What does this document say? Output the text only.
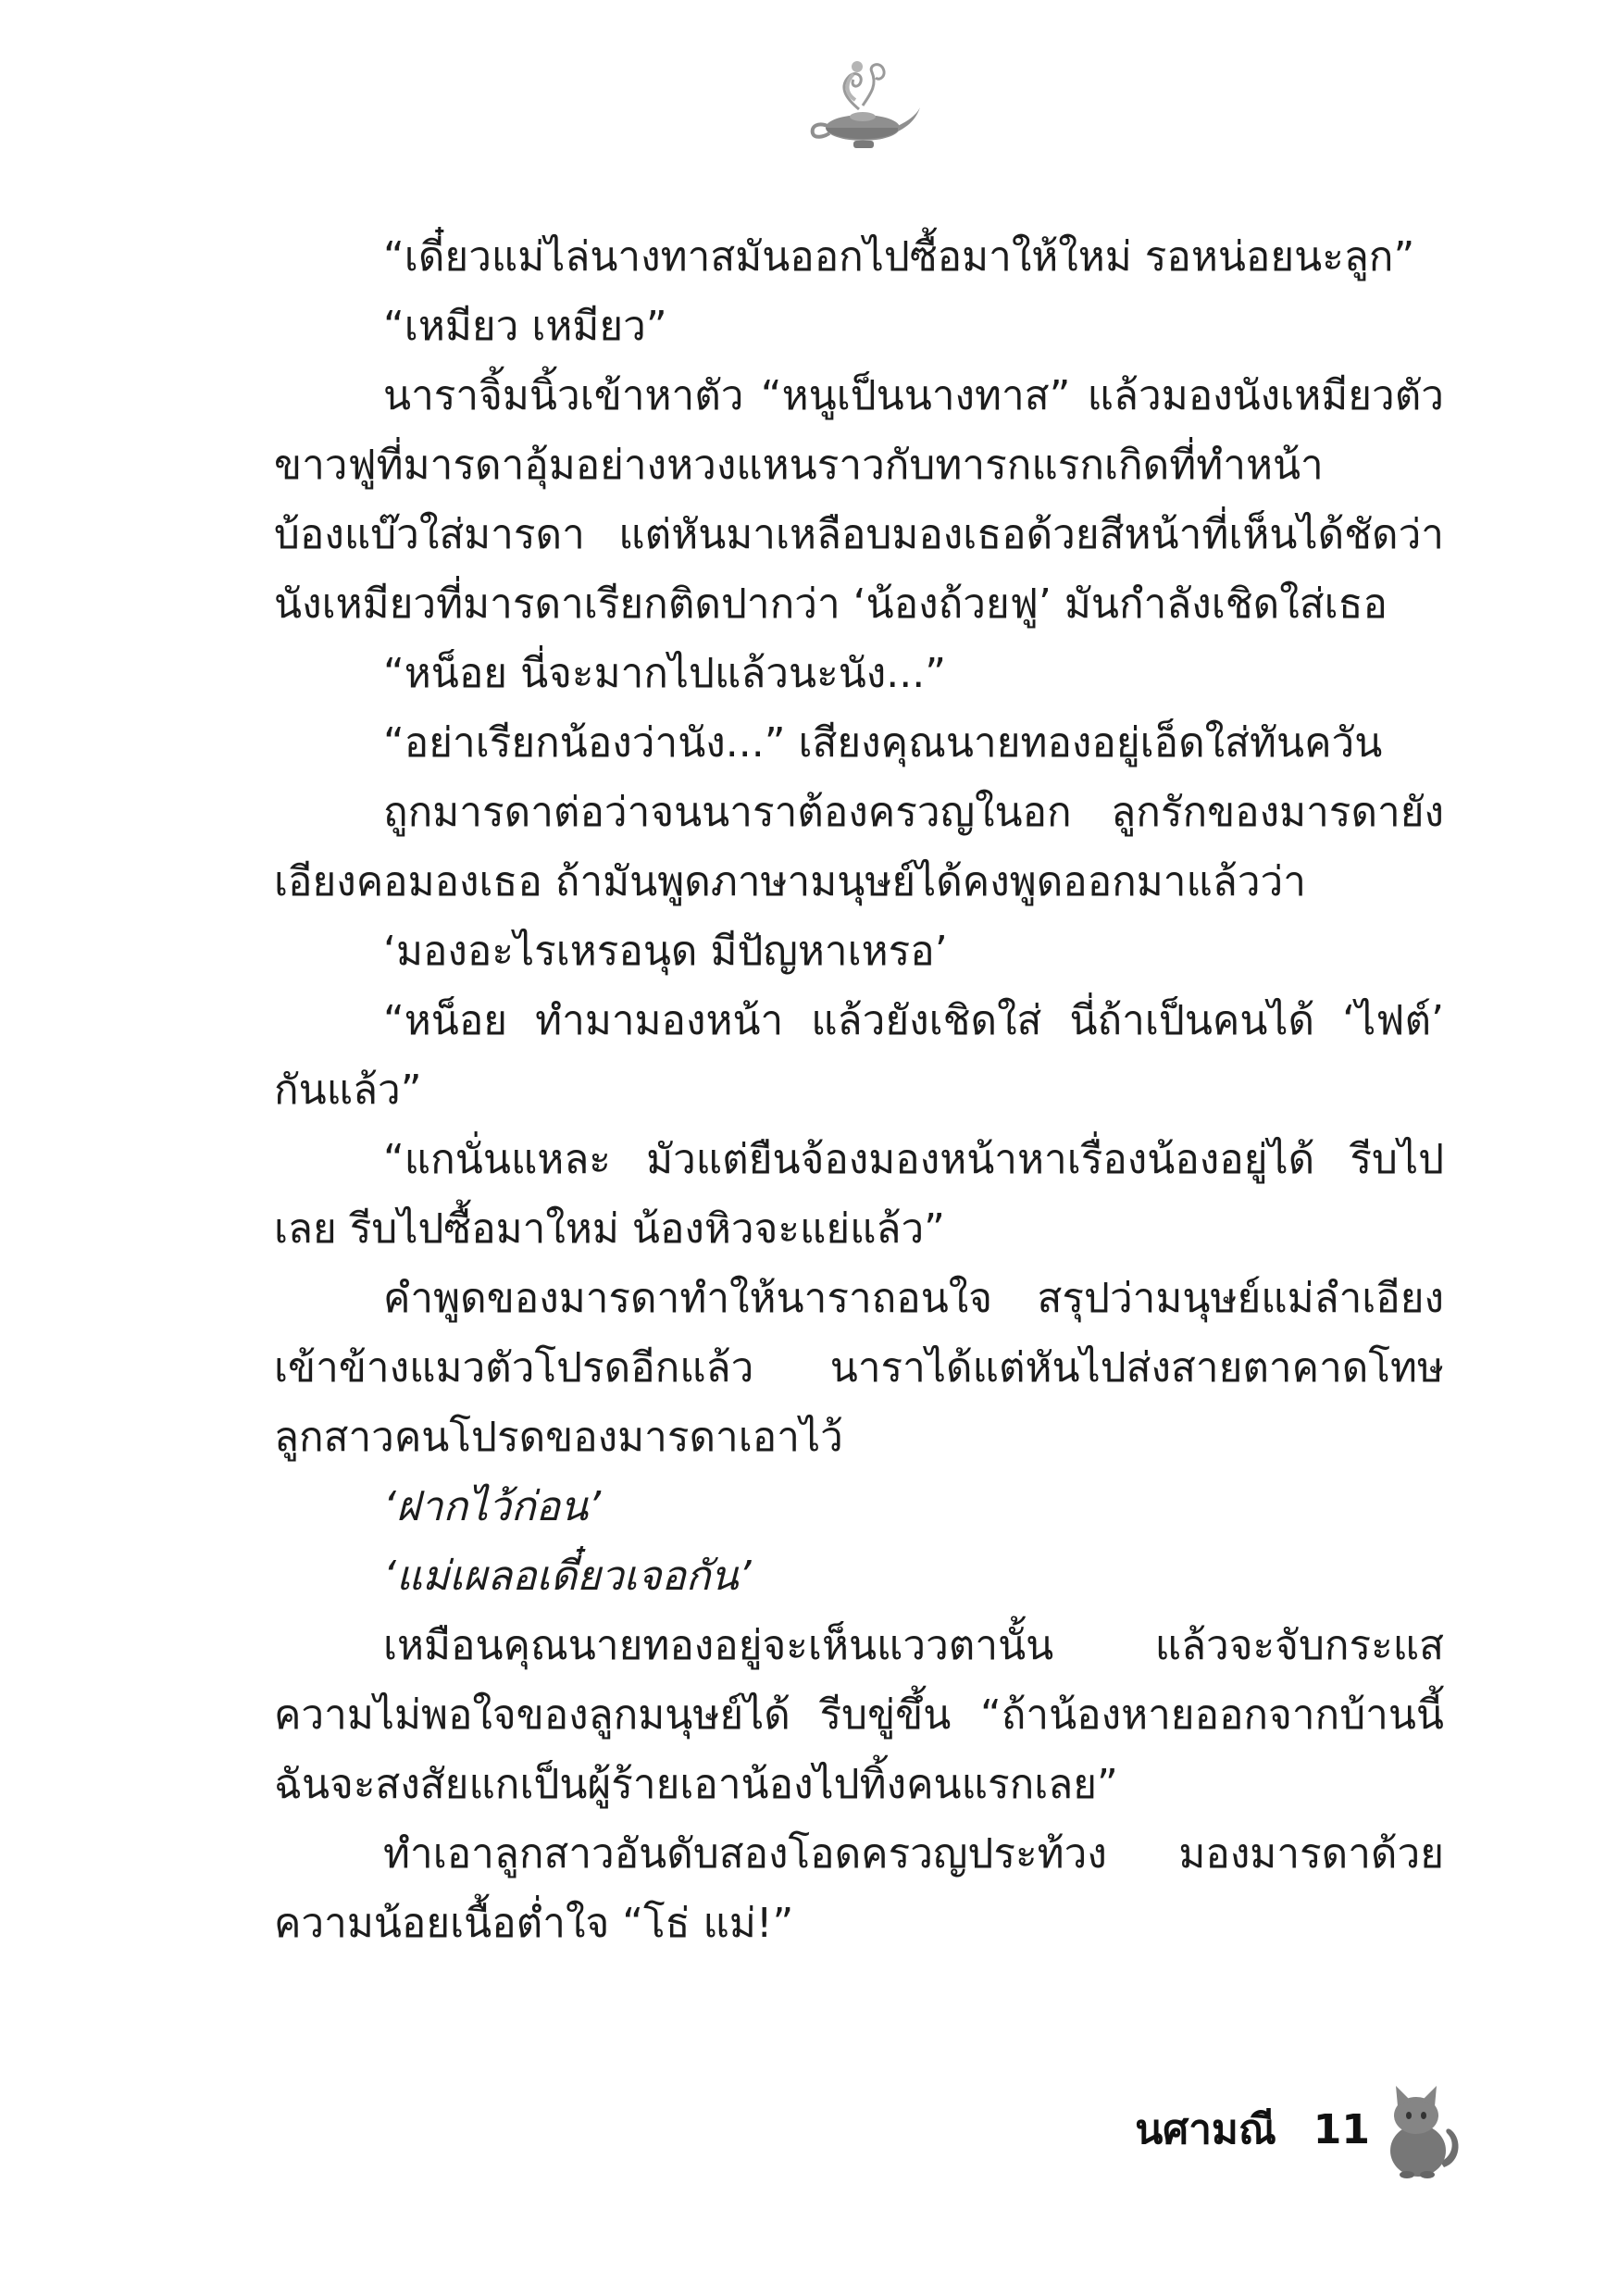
“เดี๋ยวแม่ไล่นางทาสมันออกไปซื้อมาให้ใหม่ รอหน่อยนะลูก”

“เหมียว เหมียว”

นาราจิ้มนิ้วเข้าหาตัว “หนูเป็นนางทาส” แล้วมองนังเหมียวตัวขาวฟูที่มารดาอุ้มอย่างหวงแหนราวกับทารกแรกเกิดที่ทำหน้าบ้องแบ๊วใส่มารดา แต่หันมาเหลือบมองเธอด้วยสีหน้าที่เห็นได้ชัดว่า นังเหมียวที่มารดาเรียกติดปากว่า ‘น้องถ้วยฟู’ มันกำลังเชิดใส่เธอ

“หน็อย นี่จะมากไปแล้วนะนัง...”

“อย่าเรียกน้องว่านัง...” เสียงคุณนายทองอยู่เอ็ดใส่ทันควัน

ถูกมารดาต่อว่าจนนาราต้องครวญในอก ลูกรักของมารดายังเอียงคอมองเธอ ถ้ามันพูดภาษามนุษย์ได้คงพูดออกมาแล้วว่า

‘มองอะไรเหรอนุด มีปัญหาเหรอ’

“หน็อย ทำมามองหน้า แล้วยังเชิดใส่ นี่ถ้าเป็นคนได้ ‘ไฟต์’ กันแล้ว”

“แกนั่นแหละ มัวแต่ยืนจ้องมองหน้าหาเรื่องน้องอยู่ได้ รีบไปเลย รีบไปซื้อมาใหม่ น้องหิวจะแย่แล้ว”

คำพูดของมารดาทำให้นาราถอนใจ สรุปว่ามนุษย์แม่ลำเอียงเข้าข้างแมวตัวโปรดอีกแล้ว นาราได้แต่หันไปส่งสายตาคาดโทษลูกสาวคนโปรดของมารดาเอาไว้

‘ฝากไว้ก่อน’

‘แม่เผลอเดี๋ยวเจอกัน’

เหมือนคุณนายทองอยู่จะเห็นแววตานั้น แล้วจะจับกระแสความไม่พอใจของลูกมนุษย์ได้ รีบขู่ขึ้น “ถ้าน้องหายออกจากบ้านนี้ ฉันจะสงสัยแกเป็นผู้ร้ายเอาน้องไปทิ้งคนแรกเลย”

ทำเอาลูกสาวอันดับสองโอดครวญประท้วง มองมารดาด้วยความน้อยเนื้อต่ำใจ “โธ่ แม่!”

นศามณี 11
